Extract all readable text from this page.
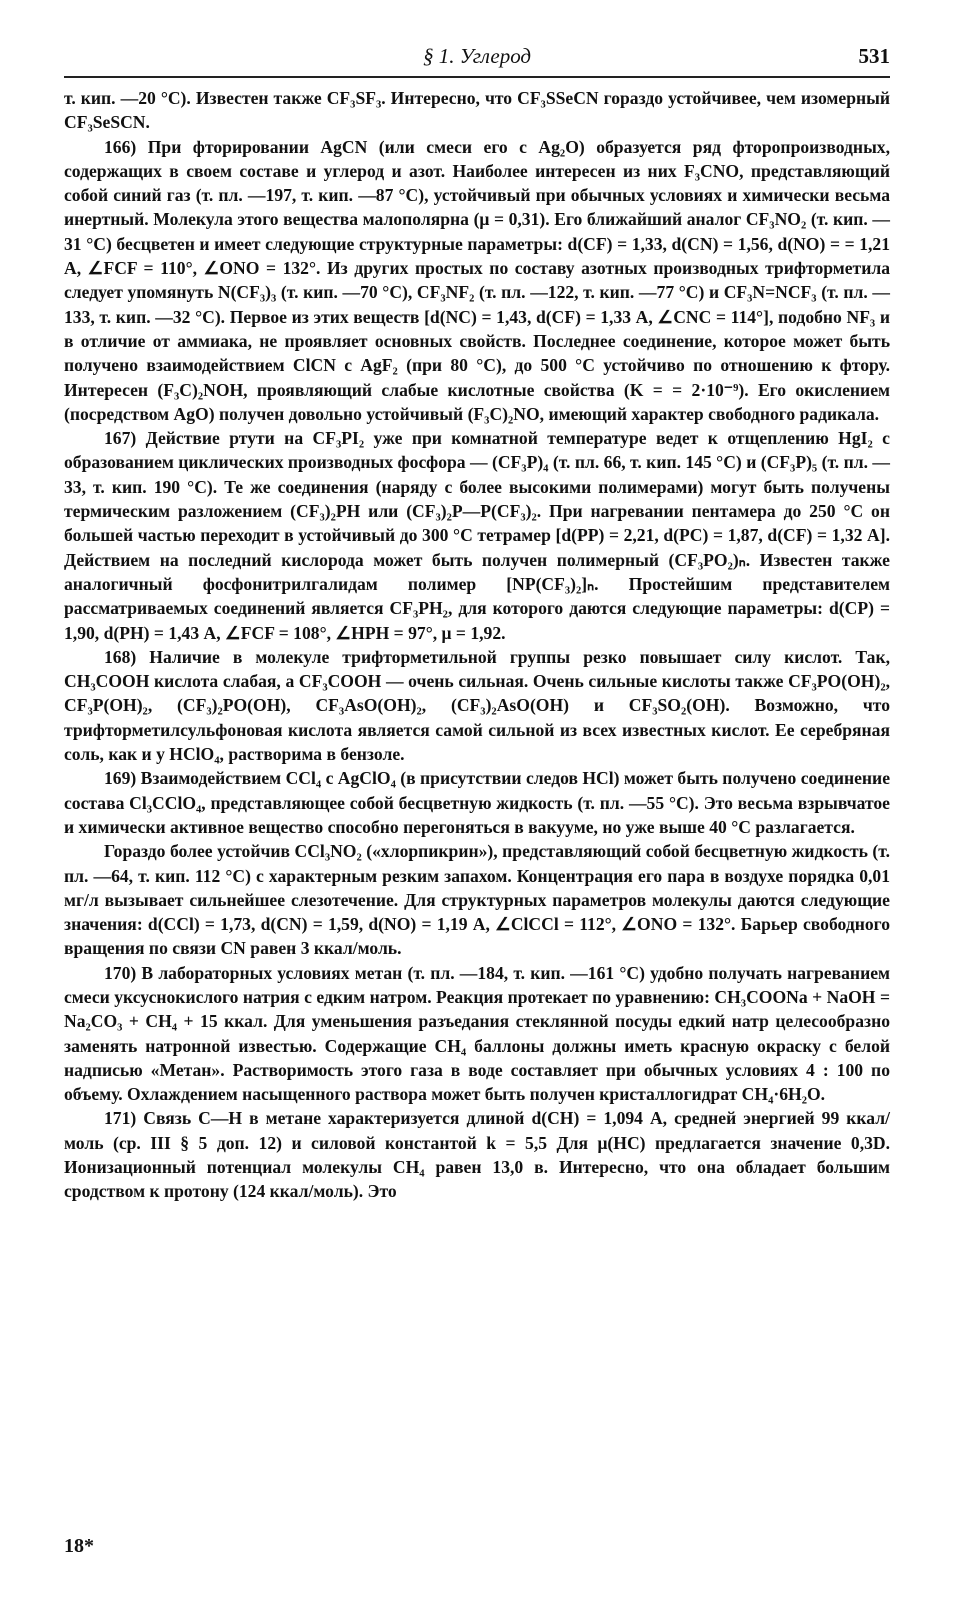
§ 1. Углерод	531

т. кип. —20 °С). Известен также CF₃SF₃. Интересно, что CF₃SSeCN гораздо устойчивее, чем изомерный CF₃SeSCN.

166) При фторировании AgCN (или смеси его с Ag₂O) образуется ряд фторопроизводных, содержащих в своем составе и углерод и азот. Наиболее интересен из них F₃CNO, представляющий собой синий газ (т. пл. —197, т. кип. —87 °С), устойчивый при обычных условиях и химически весьма инертный. Молекула этого вещества малополярна (μ = 0,31). Его ближайший аналог CF₃NO₂ (т. кип. —31 °С) бесцветен и имеет следующие структурные параметры: d(CF) = 1,33, d(CN) = 1,56, d(NO) = = 1,21 А, ∠FCF = 110°, ∠ONO = 132°. Из других простых по составу азотных производных трифторметила следует упомянуть N(CF₃)₃ (т. кип. —70 °С), CF₃NF₂ (т. пл. —122, т. кип. —77 °С) и CF₃N=NCF₃ (т. пл. —133, т. кип. —32 °С). Первое из этих веществ [d(NC) = 1,43, d(CF) = 1,33 А, ∠CNC = 114°], подобно NF₃ и в отличие от аммиака, не проявляет основных свойств. Последнее соединение, которое может быть получено взаимодействием ClCN с AgF₂ (при 80 °С), до 500 °С устойчиво по отношению к фтору. Интересен (F₃C)₂NOH, проявляющий слабые кислотные свойства (K = = 2·10⁻⁹). Его окислением (посредством AgO) получен довольно устойчивый (F₃C)₂NO, имеющий характер свободного радикала.

167) Действие ртути на CF₃PI₂ уже при комнатной температуре ведет к отщеплению HgI₂ с образованием циклических производных фосфора — (CF₃P)₄ (т. пл. 66, т. кип. 145 °С) и (CF₃P)₅ (т. пл. —33, т. кип. 190 °С). Те же соединения (наряду с более высокими полимерами) могут быть получены термическим разложением (CF₃)₂PH или (CF₃)₂P—P(CF₃)₂. При нагревании пентамера до 250 °С он большей частью переходит в устойчивый до 300 °С тетрамер [d(PP) = 2,21, d(PC) = 1,87, d(CF) = 1,32 А]. Действием на последний кислорода может быть получен полимерный (CF₃PO₂)ₙ. Известен также аналогичный фосфонитрилгалидам полимер [NP(CF₃)₂]ₙ. Простейшим представителем рассматриваемых соединений является CF₃PH₂, для которого даются следующие параметры: d(CP) = 1,90, d(PH) = 1,43 А, ∠FCF = 108°, ∠HPH = 97°, μ = 1,92.

168) Наличие в молекуле трифторметильной группы резко повышает силу кислот. Так, CH₃COOH кислота слабая, а CF₃COOH — очень сильная. Очень сильные кислоты также CF₃PO(OH)₂, CF₃P(OH)₂, (CF₃)₂PO(OH), CF₃AsO(OH)₂, (CF₃)₂AsO(OH) и CF₃SO₂(OH). Возможно, что трифторметилсульфоновая кислота является самой сильной из всех известных кислот. Ее серебряная соль, как и у HClO₄, растворима в бензоле.

169) Взаимодействием CCl₄ с AgClO₄ (в присутствии следов HCl) может быть получено соединение состава Cl₃CClO₄, представляющее собой бесцветную жидкость (т. пл. —55 °С). Это весьма взрывчатое и химически активное вещество способно перегоняться в вакууме, но уже выше 40 °С разлагается.

Гораздо более устойчив CCl₃NO₂ («хлорпикрин»), представляющий собой бесцветную жидкость (т. пл. —64, т. кип. 112 °С) с характерным резким запахом. Концентрация его пара в воздухе порядка 0,01 мг/л вызывает сильнейшее слезотечение. Для структурных параметров молекулы даются следующие значения: d(CCl) = 1,73, d(CN) = 1,59, d(NO) = 1,19 А, ∠ClCCl = 112°, ∠ONO = 132°. Барьер свободного вращения по связи CN равен 3 ккал/моль.

170) В лабораторных условиях метан (т. пл. —184, т. кип. —161 °С) удобно получать нагреванием смеси уксуснокислого натрия с едким натром. Реакция протекает по уравнению: CH₃COONa + NaOH = Na₂CO₃ + CH₄ + 15 ккал. Для уменьшения разъедания стеклянной посуды едкий натр целесообразно заменять натронной известью. Содержащие CH₄ баллоны должны иметь красную окраску с белой надписью «Метан». Растворимость этого газа в воде составляет при обычных условиях 4 : 100 по объему. Охлаждением насыщенного раствора может быть получен кристаллогидрат CH₄·6H₂O.

171) Связь C—H в метане характеризуется длиной d(CH) = 1,094 А, средней энергией 99 ккал/моль (ср. III § 5 доп. 12) и силовой константой k = 5,5 Для μ(HC) предлагается значение 0,3D. Ионизационный потенциал молекулы CH₄ равен 13,0 в. Интересно, что она обладает большим сродством к протону (124 ккал/моль). Это

18*
